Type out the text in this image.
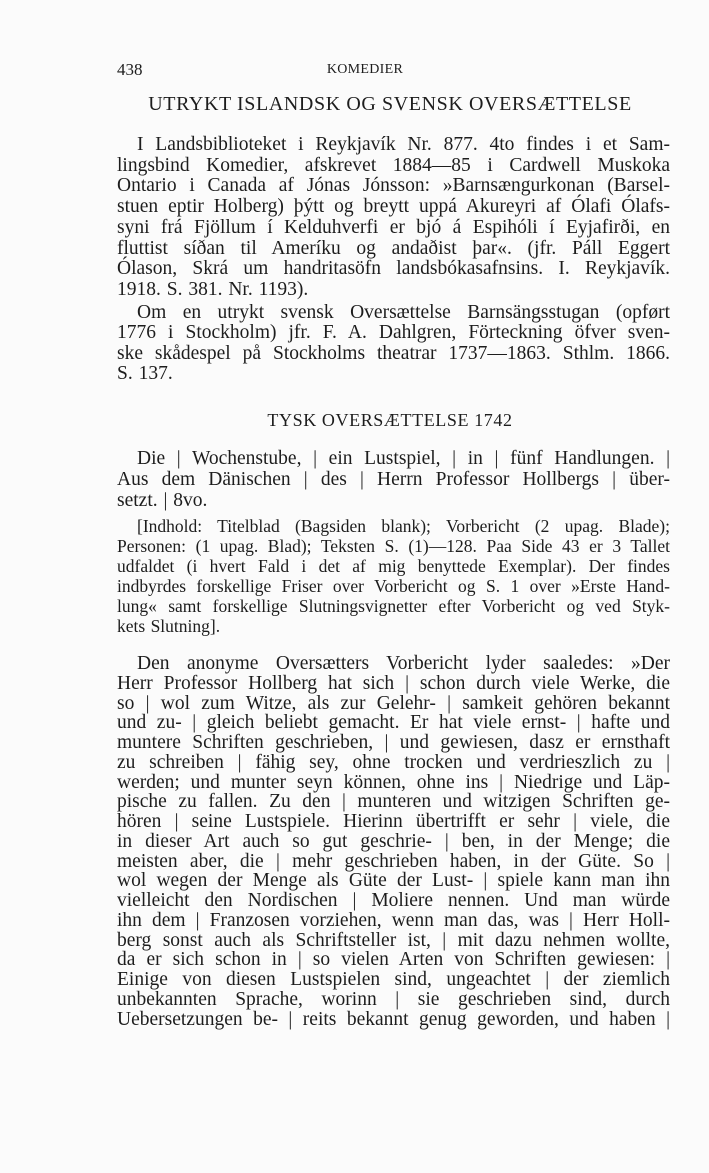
438	KOMEDIER
UTRYKT ISLANDSK OG SVENSK OVERSÆTTELSE
TYSK OVERSÆTTELSE 1742
I Landsbiblioteket i Reykjavík Nr. 877. 4to findes i et Sam-
lingsbind Komedier, afskrevet 1884—85 i Cardwell Muskoka
Ontario i Canada af Jónas Jónsson: »Barnsængurkonan (Barsel-
stuen eptir Holberg) þýtt og breytt uppá Akureyri af Ólafi Ólafs-
syni frá Fjöllum í Kelduhverfi er bjó á Espihóli í Eyjafirði, en
fluttist síðan til Ameríku og andaðist þar«. (jfr. Páll Eggert
Ólason, Skrá um handritasöfn landsbókasafnsins. I. Reykjavík.
1918. S. 381. Nr. 1193).
Om en utrykt svensk Oversættelse Barnsängsstugan (opført
1776 i Stockholm) jfr. F. A. Dahlgren, Förteckning öfver sven-
ske skådespel på Stockholms theatrar 1737—1863. Sthlm. 1866.
S. 137.
Die | Wochenstube, | ein Lustspiel, | in | fünf Handlungen. |
Aus dem Dänischen | des | Herrn Professor Hollbergs | über-
setzt. | 8vo.
[Indhold: Titelblad (Bagsiden blank); Vorbericht (2 upag. Blade);
Personen: (1 upag. Blad); Teksten S. (1)—128. Paa Side 43 er 3 Tallet
udfaldet (i hvert Fald i det af mig benyttede Exemplar). Der findes
indbyrdes forskellige Friser over Vorbericht og S. 1 over »Erste Hand-
lung« samt forskellige Slutningsvignetter efter Vorbericht og ved Styk-
kets Slutning].
Den anonyme Oversætters Vorbericht lyder saaledes: »Der
Herr Professor Hollberg hat sich | schon durch viele Werke, die
so | wol zum Witze, als zur Gelehr- | samkeit gehören bekannt
und zu- | gleich beliebt gemacht. Er hat viele ernst- | hafte und
muntere Schriften geschrieben, | und gewiesen, dasz er ernsthaft
zu schreiben | fähig sey, ohne trocken und verdrieszlich zu |
werden; und munter seyn können, ohne ins | Niedrige und Läp-
pische zu fallen. Zu den | munteren und witzigen Schriften ge-
hören | seine Lustspiele. Hierinn übertrifft er sehr | viele, die
in dieser Art auch so gut geschrie- | ben, in der Menge; die
meisten aber, die | mehr geschrieben haben, in der Güte. So |
wol wegen der Menge als Güte der Lust- | spiele kann man ihn
vielleicht den Nordischen | Moliere nennen. Und man würde
ihn dem | Franzosen vorziehen, wenn man das, was | Herr Holl-
berg sonst auch als Schriftsteller ist, | mit dazu nehmen wollte,
da er sich schon in | so vielen Arten von Schriften gewiesen: |
Einige von diesen Lustspielen sind, ungeachtet | der ziemlich
unbekannten Sprache, worinn | sie geschrieben sind, durch
Uebersetzungen be- | reits bekannt genug geworden, und haben |
